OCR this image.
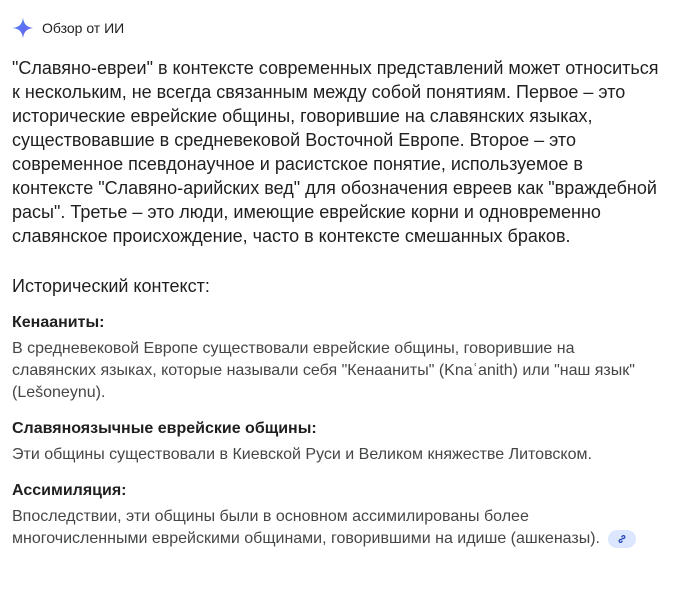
Обзор от ИИ
"Славяно-евреи" в контексте современных представлений может относиться к нескольким, не всегда связанным между собой понятиям. Первое – это исторические еврейские общины, говорившие на славянских языках, существовавшие в средневековой Восточной Европе. Второе – это современное псевдонаучное и расистское понятие, используемое в контексте "Славяно-арийских вед" для обозначения евреев как "враждебной расы". Третье – это люди, имеющие еврейские корни и одновременно славянское происхождение, часто в контексте смешанных браков.
Исторический контекст:
Кенааниты:
В средневековой Европе существовали еврейские общины, говорившие на славянских языках, которые называли себя "Кенааниты" (Knaʿanith) или "наш язык" (Lešoneynu).
Славяноязычные еврейские общины:
Эти общины существовали в Киевской Руси и Великом княжестве Литовском.
Ассимиляция:
Впоследствии, эти общины были в основном ассимилированы более многочисленными еврейскими общинами, говорившими на идише (ашкеназы).
